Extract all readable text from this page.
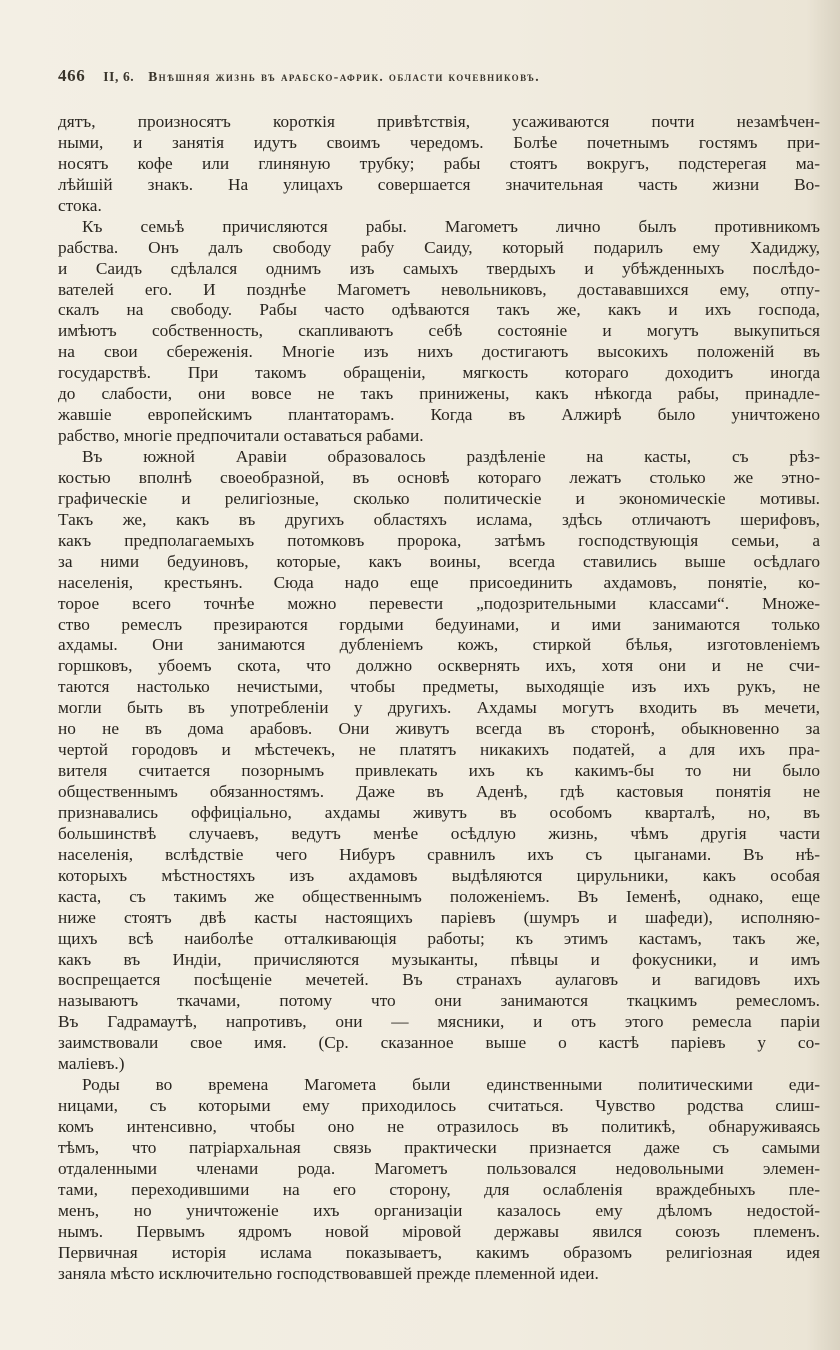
466 II, 6. Внѣшняя жизнь въ арабско-африк. области кочевниковъ.
дятъ, произносятъ короткія привѣтствія, усаживаются почти незамѣчен-
ными, и занятія идутъ своимъ чередомъ. Болѣе почетнымъ гостямъ при-
носятъ кофе или глиняную трубку; рабы стоятъ вокругъ, подстерегая ма-
лѣйшій знакъ. На улицахъ совершается значительная часть жизни Во-
стока.
Къ семьѣ причисляются рабы. Магометъ лично былъ противникомъ
рабства. Онъ далъ свободу рабу Саиду, который подарилъ ему Хадиджу,
и Саидъ сдѣлался однимъ изъ самыхъ твердыхъ и убѣжденныхъ послѣдо-
вателей его. И позднѣе Магометъ невольниковъ, достававшихся ему, отпу-
скалъ на свободу. Рабы часто одѣваются такъ же, какъ и ихъ господа,
имѣютъ собственность, скапливаютъ себѣ состояніе и могутъ выкупиться
на свои сбереженія. Многіе изъ нихъ достигаютъ высокихъ положеній въ
государствѣ. При такомъ обращеніи, мягкость котораго доходитъ иногда
до слабости, они вовсе не такъ принижены, какъ нѣкогда рабы, принадле-
жавшіе европейскимъ плантаторамъ. Когда въ Алжирѣ было уничтожено
рабство, многіе предпочитали оставаться рабами.
Въ южной Аравіи образовалось раздѣленіе на касты, съ рѣз-
костью вполнѣ своеобразной, въ основѣ котораго лежатъ столько же этно-
графическіе и религіозные, сколько политическіе и экономическіе мотивы.
Такъ же, какъ въ другихъ областяхъ ислама, здѣсь отличаютъ шерифовъ,
какъ предполагаемыхъ потомковъ пророка, затѣмъ господствующія семьи, а
за ними бедуиновъ, которые, какъ воины, всегда ставились выше осѣдлаго
населенія, крестьянъ. Сюда надо еще присоединить ахдамовъ, понятіе, ко-
торое всего точнѣе можно перевести „подозрительными классами“. Множе-
ство ремеслъ презираются гордыми бедуинами, и ими занимаются только
ахдамы. Они занимаются дубленіемъ кожъ, стиркой бѣлья, изготовленіемъ
горшковъ, убоемъ скота, что должно осквернять ихъ, хотя они и не счи-
таются настолько нечистыми, чтобы предметы, выходящіе изъ ихъ рукъ, не
могли быть въ употребленіи у другихъ. Ахдамы могутъ входить въ мечети,
но не въ дома арабовъ. Они живутъ всегда въ сторонѣ, обыкновенно за
чертой городовъ и мѣстечекъ, не платятъ никакихъ податей, а для ихъ пра-
вителя считается позорнымъ привлекать ихъ къ какимъ-бы то ни было
общественнымъ обязанностямъ. Даже въ Аденѣ, гдѣ кастовыя понятія не
признавались оффиціально, ахдамы живутъ въ особомъ кварталѣ, но, въ
большинствѣ случаевъ, ведутъ менѣе осѣдлую жизнь, чѣмъ другія части
населенія, вслѣдствіе чего Нибуръ сравнилъ ихъ съ цыганами. Въ нѣ-
которыхъ мѣстностяхъ изъ ахдамовъ выдѣляются цирульники, какъ особая
каста, съ такимъ же общественнымъ положеніемъ. Въ Іеменѣ, однако, еще
ниже стоятъ двѣ касты настоящихъ паріевъ (шумръ и шафеди), исполняю-
щихъ всѣ наиболѣе отталкивающія работы; къ этимъ кастамъ, такъ же,
какъ въ Индіи, причисляются музыканты, пѣвцы и фокусники, и имъ
воспрещается посѣщеніе мечетей. Въ странахъ аулаговъ и вагидовъ ихъ
называютъ ткачами, потому что они занимаются ткацкимъ ремесломъ.
Въ Гадрамаутѣ, напротивъ, они — мясники, и отъ этого ремесла паріи
заимствовали свое имя. (Ср. сказанное выше о кастѣ паріевъ у со-
маліевъ.)
Роды во времена Магомета были единственными политическими еди-
ницами, съ которыми ему приходилось считаться. Чувство родства слиш-
комъ интенсивно, чтобы оно не отразилось въ политикѣ, обнаруживаясь
тѣмъ, что патріархальная связь практически признается даже съ самыми
отдаленными членами рода. Магометъ пользовался недовольными элемен-
тами, переходившими на его сторону, для ослабленія враждебныхъ пле-
менъ, но уничтоженіе ихъ организаціи казалось ему дѣломъ недостой-
нымъ. Первымъ ядромъ новой міровой державы явился союзъ племенъ.
Первичная исторія ислама показываетъ, какимъ образомъ религіозная идея
заняла мѣсто исключительно господствовавшей прежде племенной идеи.
